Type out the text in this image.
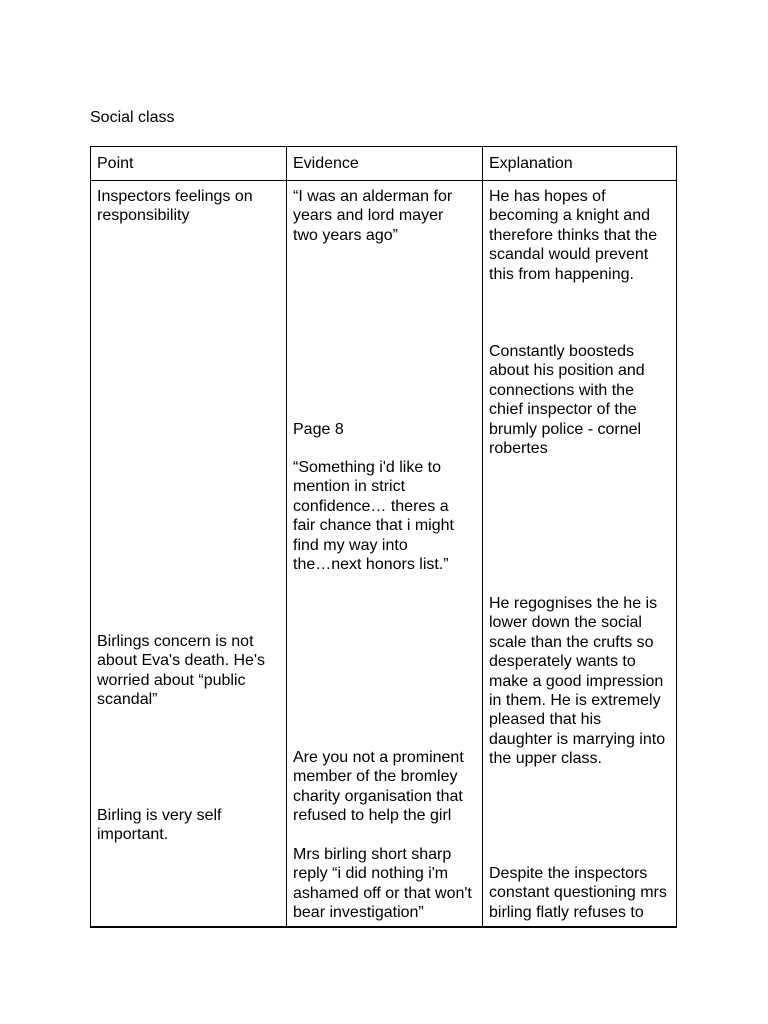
Social class
Point	Evidence	Explanation
Inspectors feelings on
responsibility
Birlings concern is not
about Eva's death. He's
worried about “public
scandal”
Birling is very self
important.
“I was an alderman for
years and lord mayer
two years ago”
Page 8
“Something i'd like to
mention in strict
confidence… theres a
fair chance that i might
find my way into
the…next honors list.”
Are you not a prominent
member of the bromley
charity organisation that
refused to help the girl
Mrs birling short sharp
reply “i did nothing i'm
ashamed off or that won't
bear investigation”
He has hopes of
becoming a knight and
therefore thinks that the
scandal would prevent
this from happening.
Constantly boosteds
about his position and
connections with the
chief inspector of the
brumly police - cornel
robertes
He regognises the he is
lower down the social
scale than the crufts so
desperately wants to
make a good impression
in them. He is extremely
pleased that his
daughter is marrying into
the upper class.
Despite the inspectors
constant questioning mrs
birling flatly refuses to
